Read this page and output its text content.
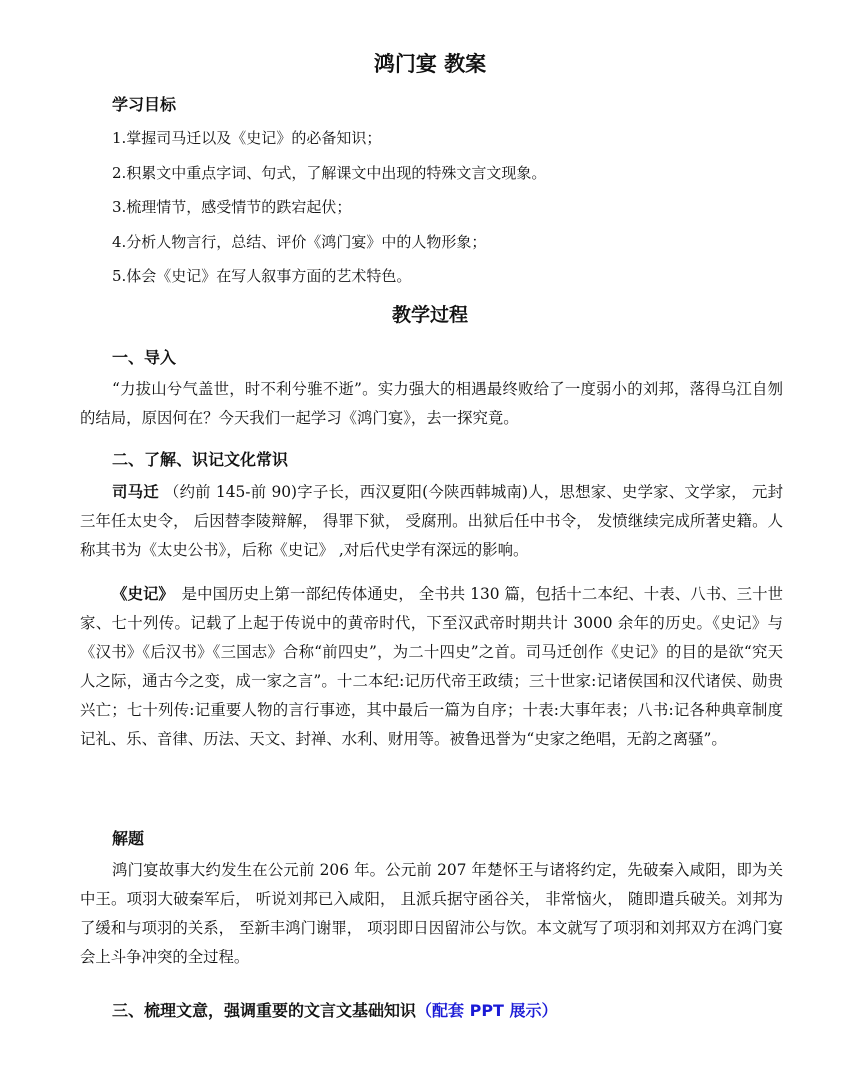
鸿门宴 教案
学习目标
1.掌握司马迁以及《史记》的必备知识；
2.积累文中重点字词、句式，了解课文中出现的特殊文言文现象。
3.梳理情节，感受情节的跌宕起伏；
4.分析人物言行，总结、评价《鸿门宴》中的人物形象；
5.体会《史记》在写人叙事方面的艺术特色。
教学过程
一、导入

“力拔山兮气盖世，时不利兮骓不逝”。实力强大的相遇最终败给了一度弱小的刘邦，落得乌江自刎的结局，原因何在？今天我们一起学习《鸿门宴》，去一探究竟。

二、了解、识记文化常识

司马迁 （约前 145-前 90)字子长，西汉夏阳(今陕西韩城南)人，思想家、史学家、文学家， 元封三年任太史令， 后因替李陵辩解， 得罪下狱， 受腐刑。出狱后任中书令， 发愤继续完成所著史籍。人称其书为《太史公书》，后称《史记》 ,对后代史学有深远的影响。

《史记》　是中国历史上第一部纪传体通史， 全书共 130 篇，包括十二本纪、十表、八书、三十世家、七十列传。记载了上起于传说中的黄帝时代，下至汉武帝时期共计 3000 余年的历史。《史记》与《汉书》《后汉书》《三国志》合称“前四史”，为二十四史”之首。司马迁创作《史记》的目的是欲“究天人之际，通古今之变，成一家之言”。十二本纪:记历代帝王政绩；三十世家:记诸侯国和汉代诸侯、勋贵兴亡；七十列传:记重要人物的言行事迹，其中最后一篇为自序；十表:大事年表；八书:记各种典章制度记礼、乐、音律、历法、天文、封禅、水利、财用等。被鲁迅誉为“史家之绝唱，无韵之离骚”。

解题

鸿门宴故事大约发生在公元前 206 年。公元前 207 年楚怀王与诸将约定，先破秦入咸阳，即为关中王。项羽大破秦军后， 听说刘邦已入咸阳， 且派兵据守函谷关， 非常恼火， 随即遣兵破关。刘邦为了缓和与项羽的关系， 至新丰鸿门谢罪， 项羽即日因留沛公与饮。本文就写了项羽和刘邦双方在鸿门宴会上斗争冲突的全过程。

三、梳理文意，强调重要的文言文基础知识（配套 PPT 展示）
